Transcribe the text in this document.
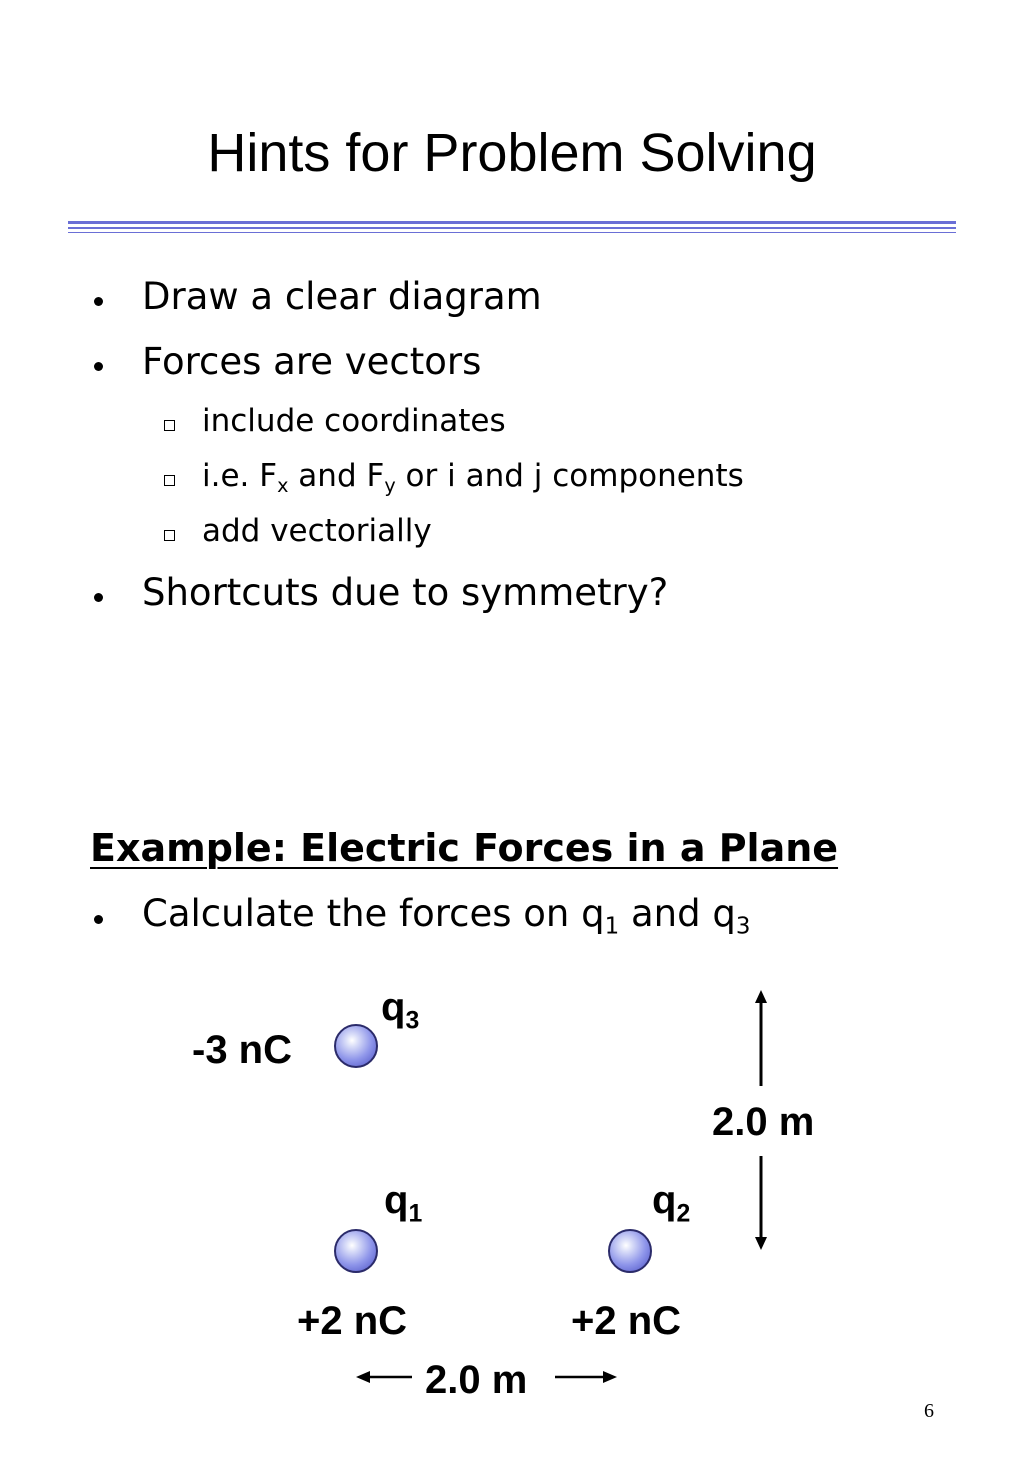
Hints for Problem Solving
Draw a clear diagram
Forces are vectors
include coordinates
i.e. $F_x$ and $F_y$ or i and j components
add vectorially
Shortcuts due to symmetry?
Example: Electric Forces in a Plane
Calculate the forces on $q_1$ and $q_3$
$q_3$
-3 nC
$q_1$
+2 nC
$q_2$
+2 nC
2.0 m
2.0 m
6
